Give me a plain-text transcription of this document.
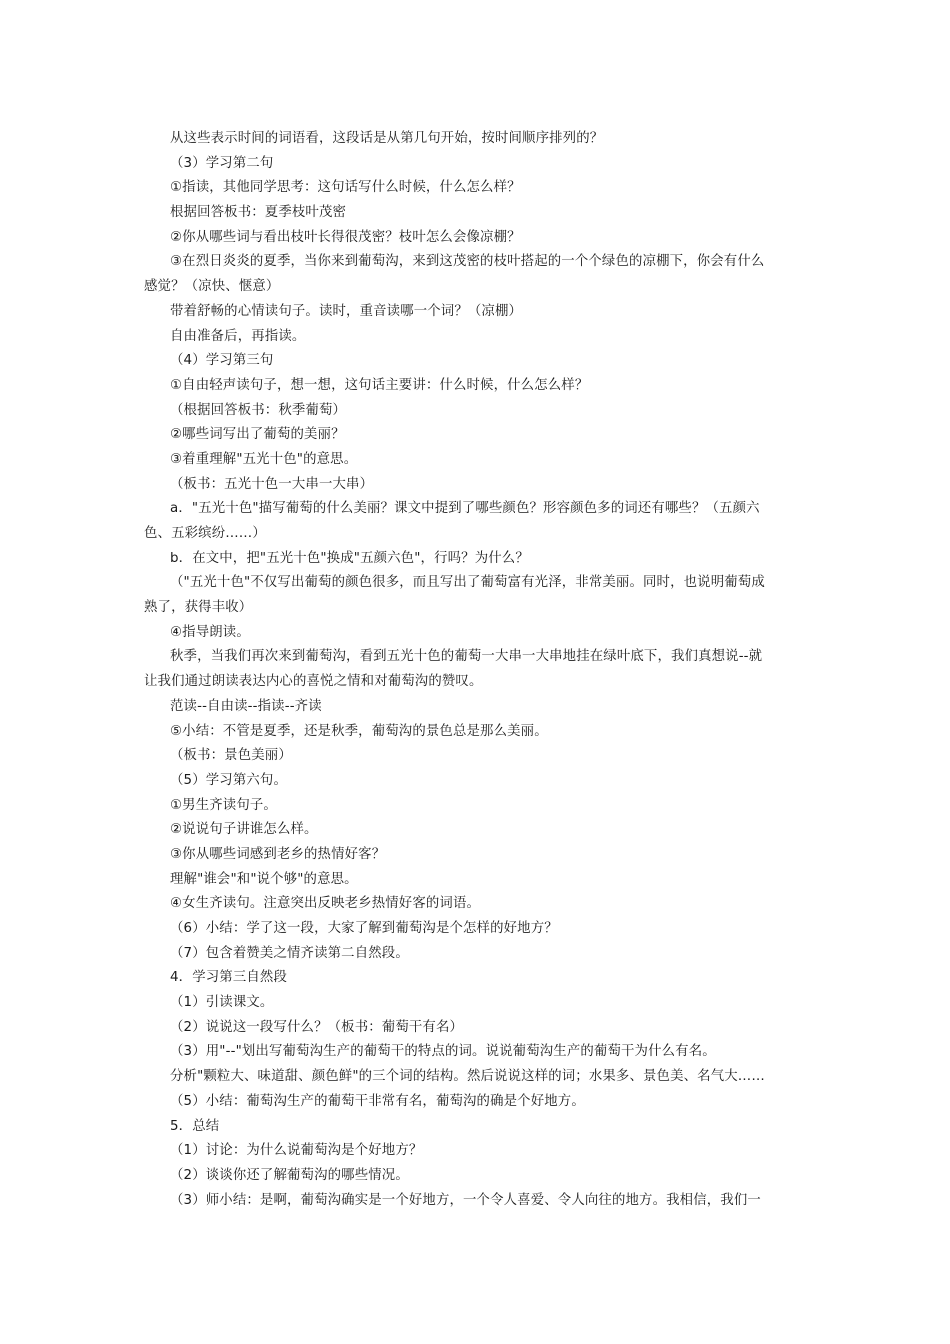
从这些表示时间的词语看，这段话是从第几句开始，按时间顺序排列的？
（3）学习第二句
①指读，其他同学思考：这句话写什么时候，什么怎么样？
根据回答板书：夏季枝叶茂密
②你从哪些词与看出枝叶长得很茂密？枝叶怎么会像凉棚？
③在烈日炎炎的夏季，当你来到葡萄沟，来到这茂密的枝叶搭起的一个个绿色的凉棚下，你会有什么
感觉？（凉快、惬意）
带着舒畅的心情读句子。读时，重音读哪一个词？（凉棚）
自由准备后，再指读。
（4）学习第三句
①自由轻声读句子，想一想，这句话主要讲：什么时候，什么怎么样？
（根据回答板书：秋季葡萄）
②哪些词写出了葡萄的美丽？
③着重理解"五光十色"的意思。
（板书：五光十色一大串一大串）
a．"五光十色"描写葡萄的什么美丽？课文中提到了哪些颜色？形容颜色多的词还有哪些？（五颜六
色、五彩缤纷……）
b．在文中，把"五光十色"换成"五颜六色"，行吗？为什么？
（"五光十色"不仅写出葡萄的颜色很多，而且写出了葡萄富有光泽，非常美丽。同时，也说明葡萄成
熟了，获得丰收）
④指导朗读。
秋季，当我们再次来到葡萄沟，看到五光十色的葡萄一大串一大串地挂在绿叶底下，我们真想说--就
让我们通过朗读表达内心的喜悦之情和对葡萄沟的赞叹。
范读--自由读--指读--齐读
⑤小结：不管是夏季，还是秋季，葡萄沟的景色总是那么美丽。
（板书：景色美丽）
（5）学习第六句。
①男生齐读句子。
②说说句子讲谁怎么样。
③你从哪些词感到老乡的热情好客？
理解"谁会"和"说个够"的意思。
④女生齐读句。注意突出反映老乡热情好客的词语。
（6）小结：学了这一段，大家了解到葡萄沟是个怎样的好地方？
（7）包含着赞美之情齐读第二自然段。
4．学习第三自然段
（1）引读课文。
（2）说说这一段写什么？（板书：葡萄干有名）
（3）用"--"划出写葡萄沟生产的葡萄干的特点的词。说说葡萄沟生产的葡萄干为什么有名。
分析"颗粒大、味道甜、颜色鲜"的三个词的结构。然后说说这样的词；水果多、景色美、名气大……
（5）小结：葡萄沟生产的葡萄干非常有名，葡萄沟的确是个好地方。
5．总结
（1）讨论：为什么说葡萄沟是个好地方？
（2）谈谈你还了解葡萄沟的哪些情况。
（3）师小结：是啊，葡萄沟确实是一个好地方，一个令人喜爱、令人向往的地方。我相信，我们一
